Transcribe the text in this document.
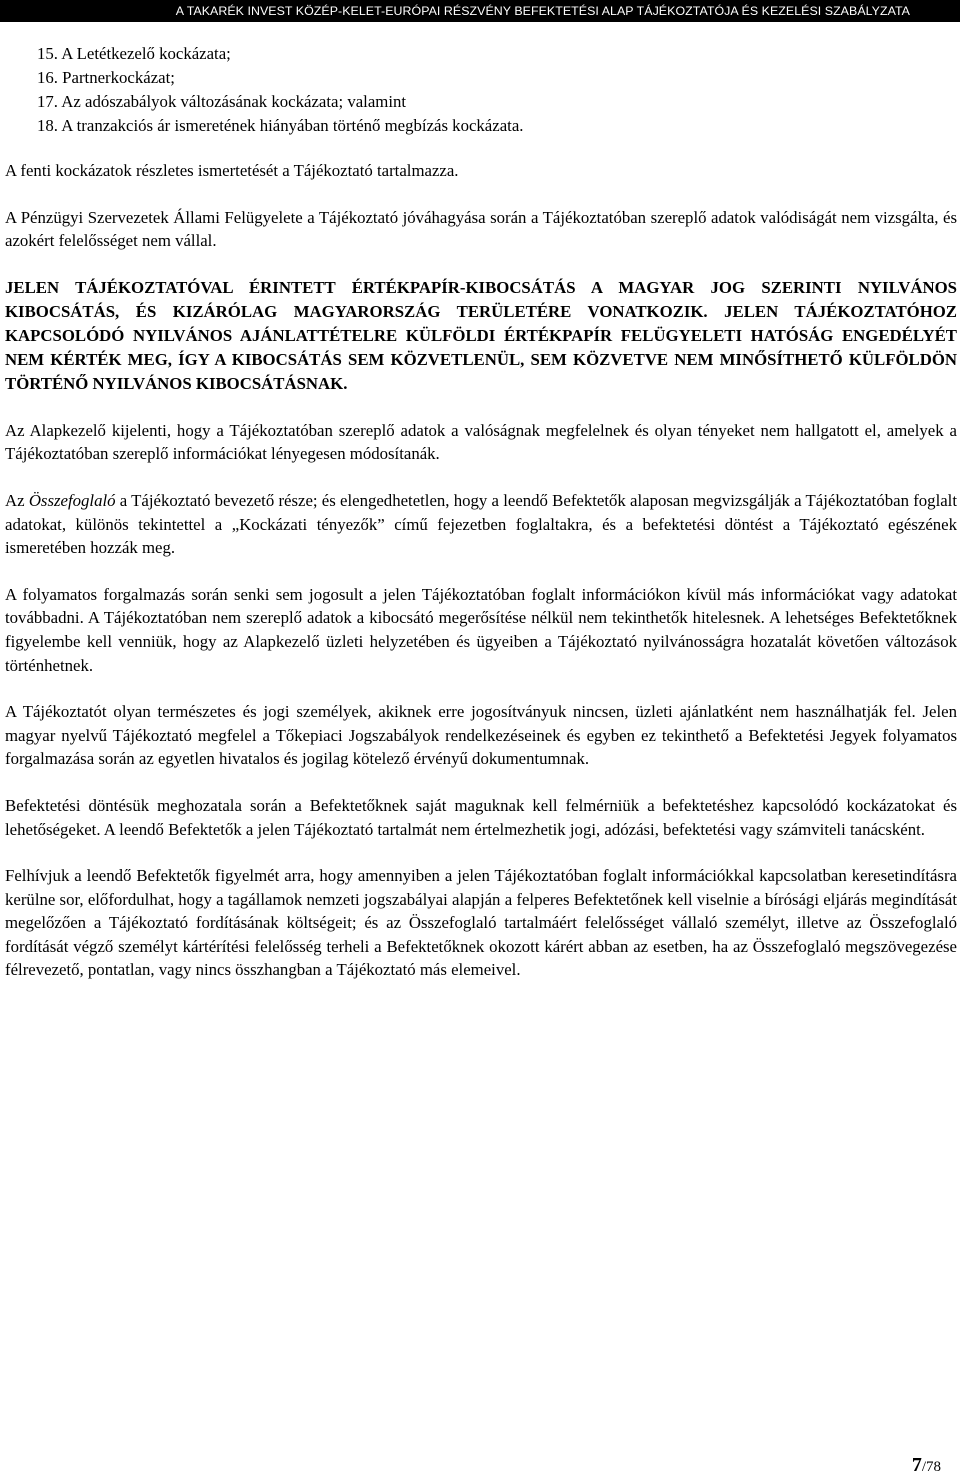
A TAKARÉK INVEST KÖZÉP-KELET-EURÓPAI RÉSZVÉNY BEFEKTETÉSI ALAP TÁJÉKOZTATÓJA ÉS KEZELÉSI SZABÁLYZATA
15. A Letétkezelő kockázata;
16. Partnerkockázat;
17. Az adószabályok változásának kockázata; valamint
18. A tranzakciós ár ismeretének hiányában történő megbízás kockázata.

A fenti kockázatok részletes ismertetését a Tájékoztató tartalmazza.

A Pénzügyi Szervezetek Állami Felügyelete a Tájékoztató jóváhagyása során a Tájékoztatóban szereplő adatok valódiságát nem vizsgálta, és azokért felelősséget nem vállal.

JELEN TÁJÉKOZTATÓVAL ÉRINTETT ÉRTÉKPAPÍR-KIBOCSÁTÁS A MAGYAR JOG SZERINTI NYILVÁNOS KIBOCSÁTÁS, ÉS KIZÁRÓLAG MAGYARORSZÁG TERÜLETÉRE VONATKOZIK. JELEN TÁJÉKOZTATÓHOZ KAPCSOLÓDÓ NYILVÁNOS AJÁNLATTÉTELRE KÜLFÖLDI ÉRTÉKPAPÍR FELÜGYELETI HATÓSÁG ENGEDÉLYÉT NEM KÉRTÉK MEG, ÍGY A KIBOCSÁTÁS SEM KÖZVETLENÜL, SEM KÖZVETVE NEM MINŐSÍTHETŐ KÜLFÖLDÖN TÖRTÉNŐ NYILVÁNOS KIBOCSÁTÁSNAK.

Az Alapkezelő kijelenti, hogy a Tájékoztatóban szereplő adatok a valóságnak megfelelnek és olyan tényeket nem hallgatott el, amelyek a Tájékoztatóban szereplő információkat lényegesen módosítanák.

Az Összefoglaló a Tájékoztató bevezető része; és elengedhetetlen, hogy a leendő Befektetők alaposan megvizsgálják a Tájékoztatóban foglalt adatokat, különös tekintettel a „Kockázati tényezők” című fejezetben foglaltakra, és a befektetési döntést a Tájékoztató egészének ismeretében hozzák meg.

A folyamatos forgalmazás során senki sem jogosult a jelen Tájékoztatóban foglalt információkon kívül más információkat vagy adatokat továbbadni. A Tájékoztatóban nem szereplő adatok a kibocsátó megerősítése nélkül nem tekinthetők hitelesnek. A lehetséges Befektetőknek figyelembe kell venniük, hogy az Alapkezelő üzleti helyzetében és ügyeiben a Tájékoztató nyilvánosságra hozatalát követően változások történhetnek.

A Tájékoztatót olyan természetes és jogi személyek, akiknek erre jogosítványuk nincsen, üzleti ajánlatként nem használhatják fel. Jelen magyar nyelvű Tájékoztató megfelel a Tőkepiaci Jogszabályok rendelkezéseinek és egyben ez tekinthető a Befektetési Jegyek folyamatos forgalmazása során az egyetlen hivatalos és jogilag kötelező érvényű dokumentumnak.

Befektetési döntésük meghozatala során a Befektetőknek saját maguknak kell felmérniük a befektetéshez kapcsolódó kockázatokat és lehetőségeket. A leendő Befektetők a jelen Tájékoztató tartalmát nem értelmezhetik jogi, adózási, befektetési vagy számviteli tanácsként.

Felhívjuk a leendő Befektetők figyelmét arra, hogy amennyiben a jelen Tájékoztatóban foglalt információkkal kapcsolatban keresetindításra kerülne sor, előfordulhat, hogy a tagállamok nemzeti jogszabályai alapján a felperes Befektetőnek kell viselnie a bírósági eljárás megindítását megelőzően a Tájékoztató fordításának költségeit; és az Összefoglaló tartalmáért felelősséget vállaló személyt, illetve az Összefoglaló fordítását végző személyt kártérítési felelősség terheli a Befektetőknek okozott kárért abban az esetben, ha az Összefoglaló megszövegezése félrevezető, pontatlan, vagy nincs összhangban a Tájékoztató más elemeivel.

7/78
